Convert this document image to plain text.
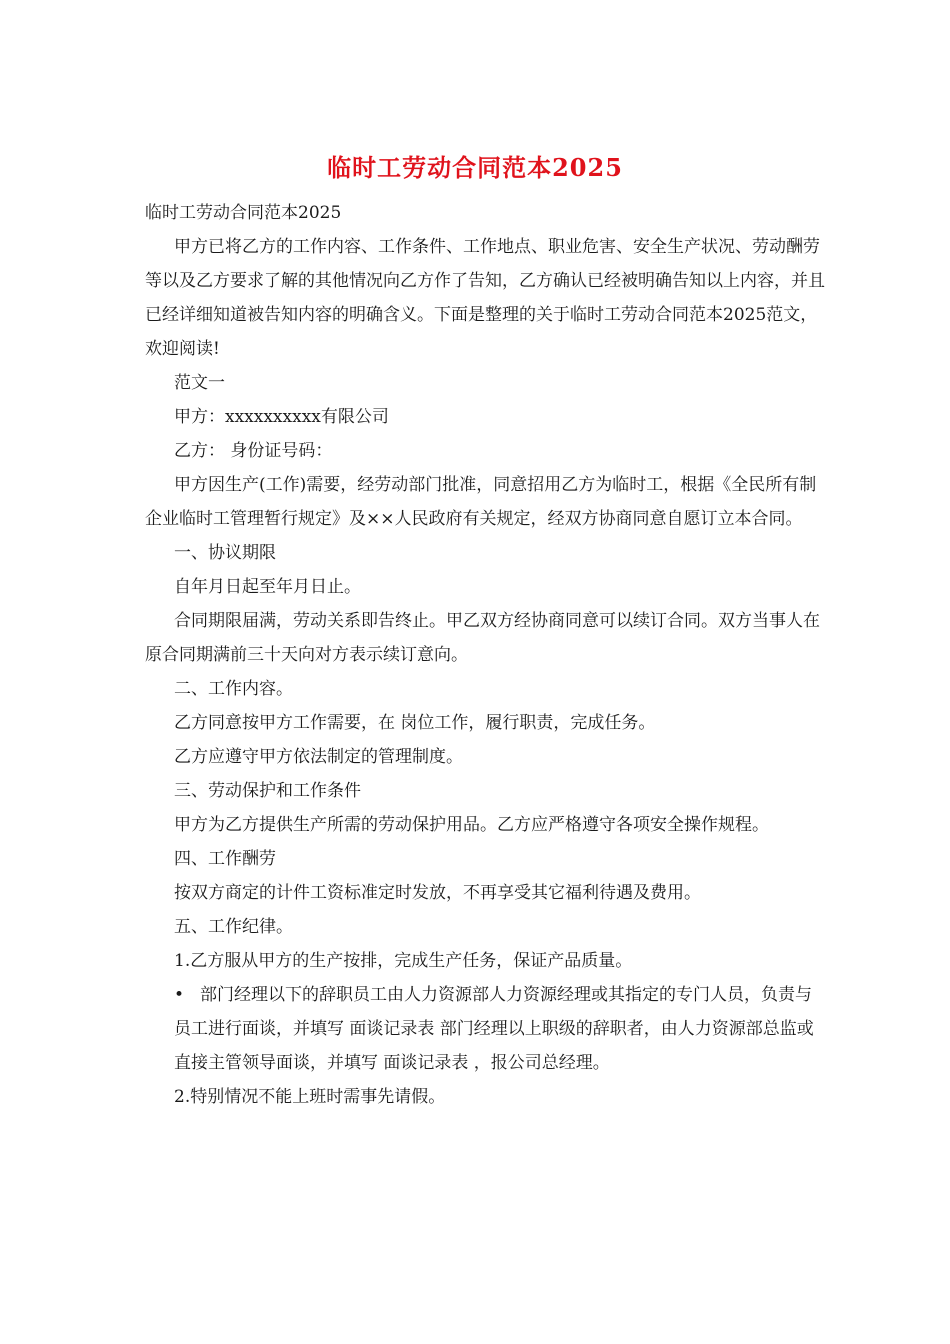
临时工劳动合同范本2025

临时工劳动合同范本2025

甲方已将乙方的工作内容、工作条件、工作地点、职业危害、安全生产状况、劳动酬劳等以及乙方要求了解的其他情况向乙方作了告知，乙方确认已经被明确告知以上内容，并且已经详细知道被告知内容的明确含义。下面是整理的关于临时工劳动合同范本2025范文，欢迎阅读!

范文一

甲方：xxxxxxxxxx有限公司

乙方： 身份证号码：

甲方因生产(工作)需要，经劳动部门批准，同意招用乙方为临时工，根据《全民所有制企业临时工管理暂行规定》及××人民政府有关规定，经双方协商同意自愿订立本合同。

一、协议期限

自年月日起至年月日止。

合同期限届满，劳动关系即告终止。甲乙双方经协商同意可以续订合同。双方当事人在原合同期满前三十天向对方表示续订意向。

二、工作内容。

乙方同意按甲方工作需要，在 岗位工作，履行职责，完成任务。

乙方应遵守甲方依法制定的管理制度。

三、劳动保护和工作条件

甲方为乙方提供生产所需的劳动保护用品。乙方应严格遵守各项安全操作规程。

四、工作酬劳

按双方商定的计件工资标准定时发放，不再享受其它福利待遇及费用。

五、工作纪律。

1.乙方服从甲方的生产按排，完成生产任务，保证产品质量。

• 部门经理以下的辞职员工由人力资源部人力资源经理或其指定的专门人员，负责与员工进行面谈，并填写 面谈记录表 部门经理以上职级的辞职者，由人力资源部总监或直接主管领导面谈，并填写 面谈记录表 ，报公司总经理。

2.特别情况不能上班时需事先请假。
